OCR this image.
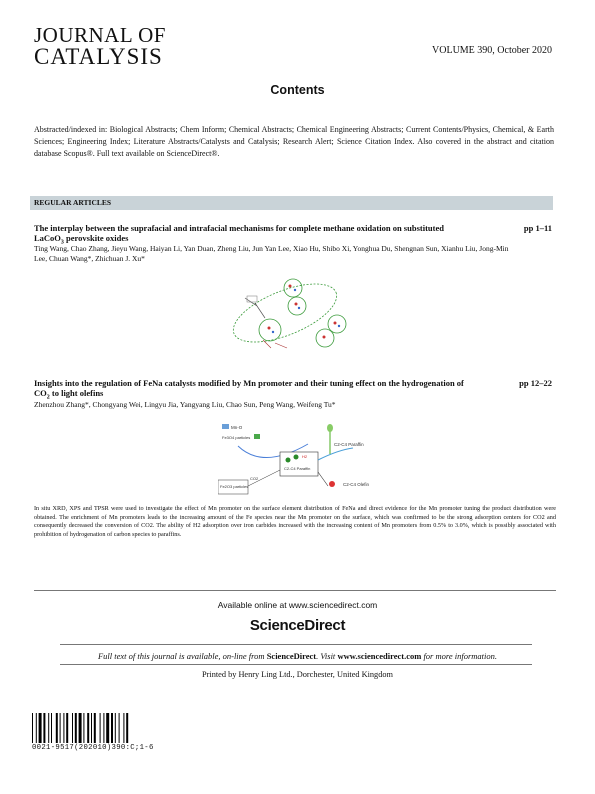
JOURNAL OF
CATALYSIS	VOLUME 390, October 2020
Contents
Abstracted/indexed in: Biological Abstracts; Chem Inform; Chemical Abstracts; Chemical Engineering Abstracts; Current Contents/Physics, Chemical, & Earth Sciences; Engineering Index; Literature Abstracts/Catalysts and Catalysis; Research Alert; Science Citation Index. Also covered in the abstract and citation database Scopus®. Full text available on ScienceDirect®.
REGULAR ARTICLES
The interplay between the suprafacial and intrafacial mechanisms for complete methane oxidation on substituted
LaCoO$_3$ perovskite oxides
pp 1–11
Ting Wang, Chao Zhang, Jieyu Wang, Haiyan Li, Yan Duan, Zheng Liu, Jun Yan Lee, Xiao Hu, Shibo Xi, Yonghua Du, Shengnan Sun, Xianhu Liu, Jong-Min Lee, Chuan Wang*, Zhichuan J. Xu*
Insights into the regulation of FeNa catalysts modified by Mn promoter and their tuning effect on the hydrogenation of
$CO_2$ to light olefins
pp 12–22
Zhenzhou Zhang*, Chongyang Wei, Lingyu Jia, Yangyang Liu, Chao Sun, Peng Wang, Weifeng Tu*
Mn-O
Fe3O4 particles
H2
C2-C4 Paraffin
Fe2O3 particles
CO2
C2-C4 Paraffin
C2-C4 Olefin
In situ XRD, XPS and TPSR were used to investigate the effect of Mn promoter on the surface element distribution of FeNa and direct evidence for the Mn promoter tuning the product distribution were obtained. The enrichment of Mn promoters leads to the increasing amount of the Fe species near the Mn promoter on the surface, which was confirmed to be the strong adsorption centers for CO2 and consequently decreased the conversion of CO2. The ability of H2 adsorption over iron carbides increased with the increasing content of Mn promoters from 0.5% to 3.0%, which is possibly associated with prohibition of hydrogenation of carbon species to paraffins.
Available online at www.sciencedirect.com
ScienceDirect
Full text of this journal is available, on-line from ScienceDirect. Visit www.sciencedirect.com for more information.
Printed by Henry Ling Ltd., Dorchester, United Kingdom
0021-9517(202010)390:C;1-6
